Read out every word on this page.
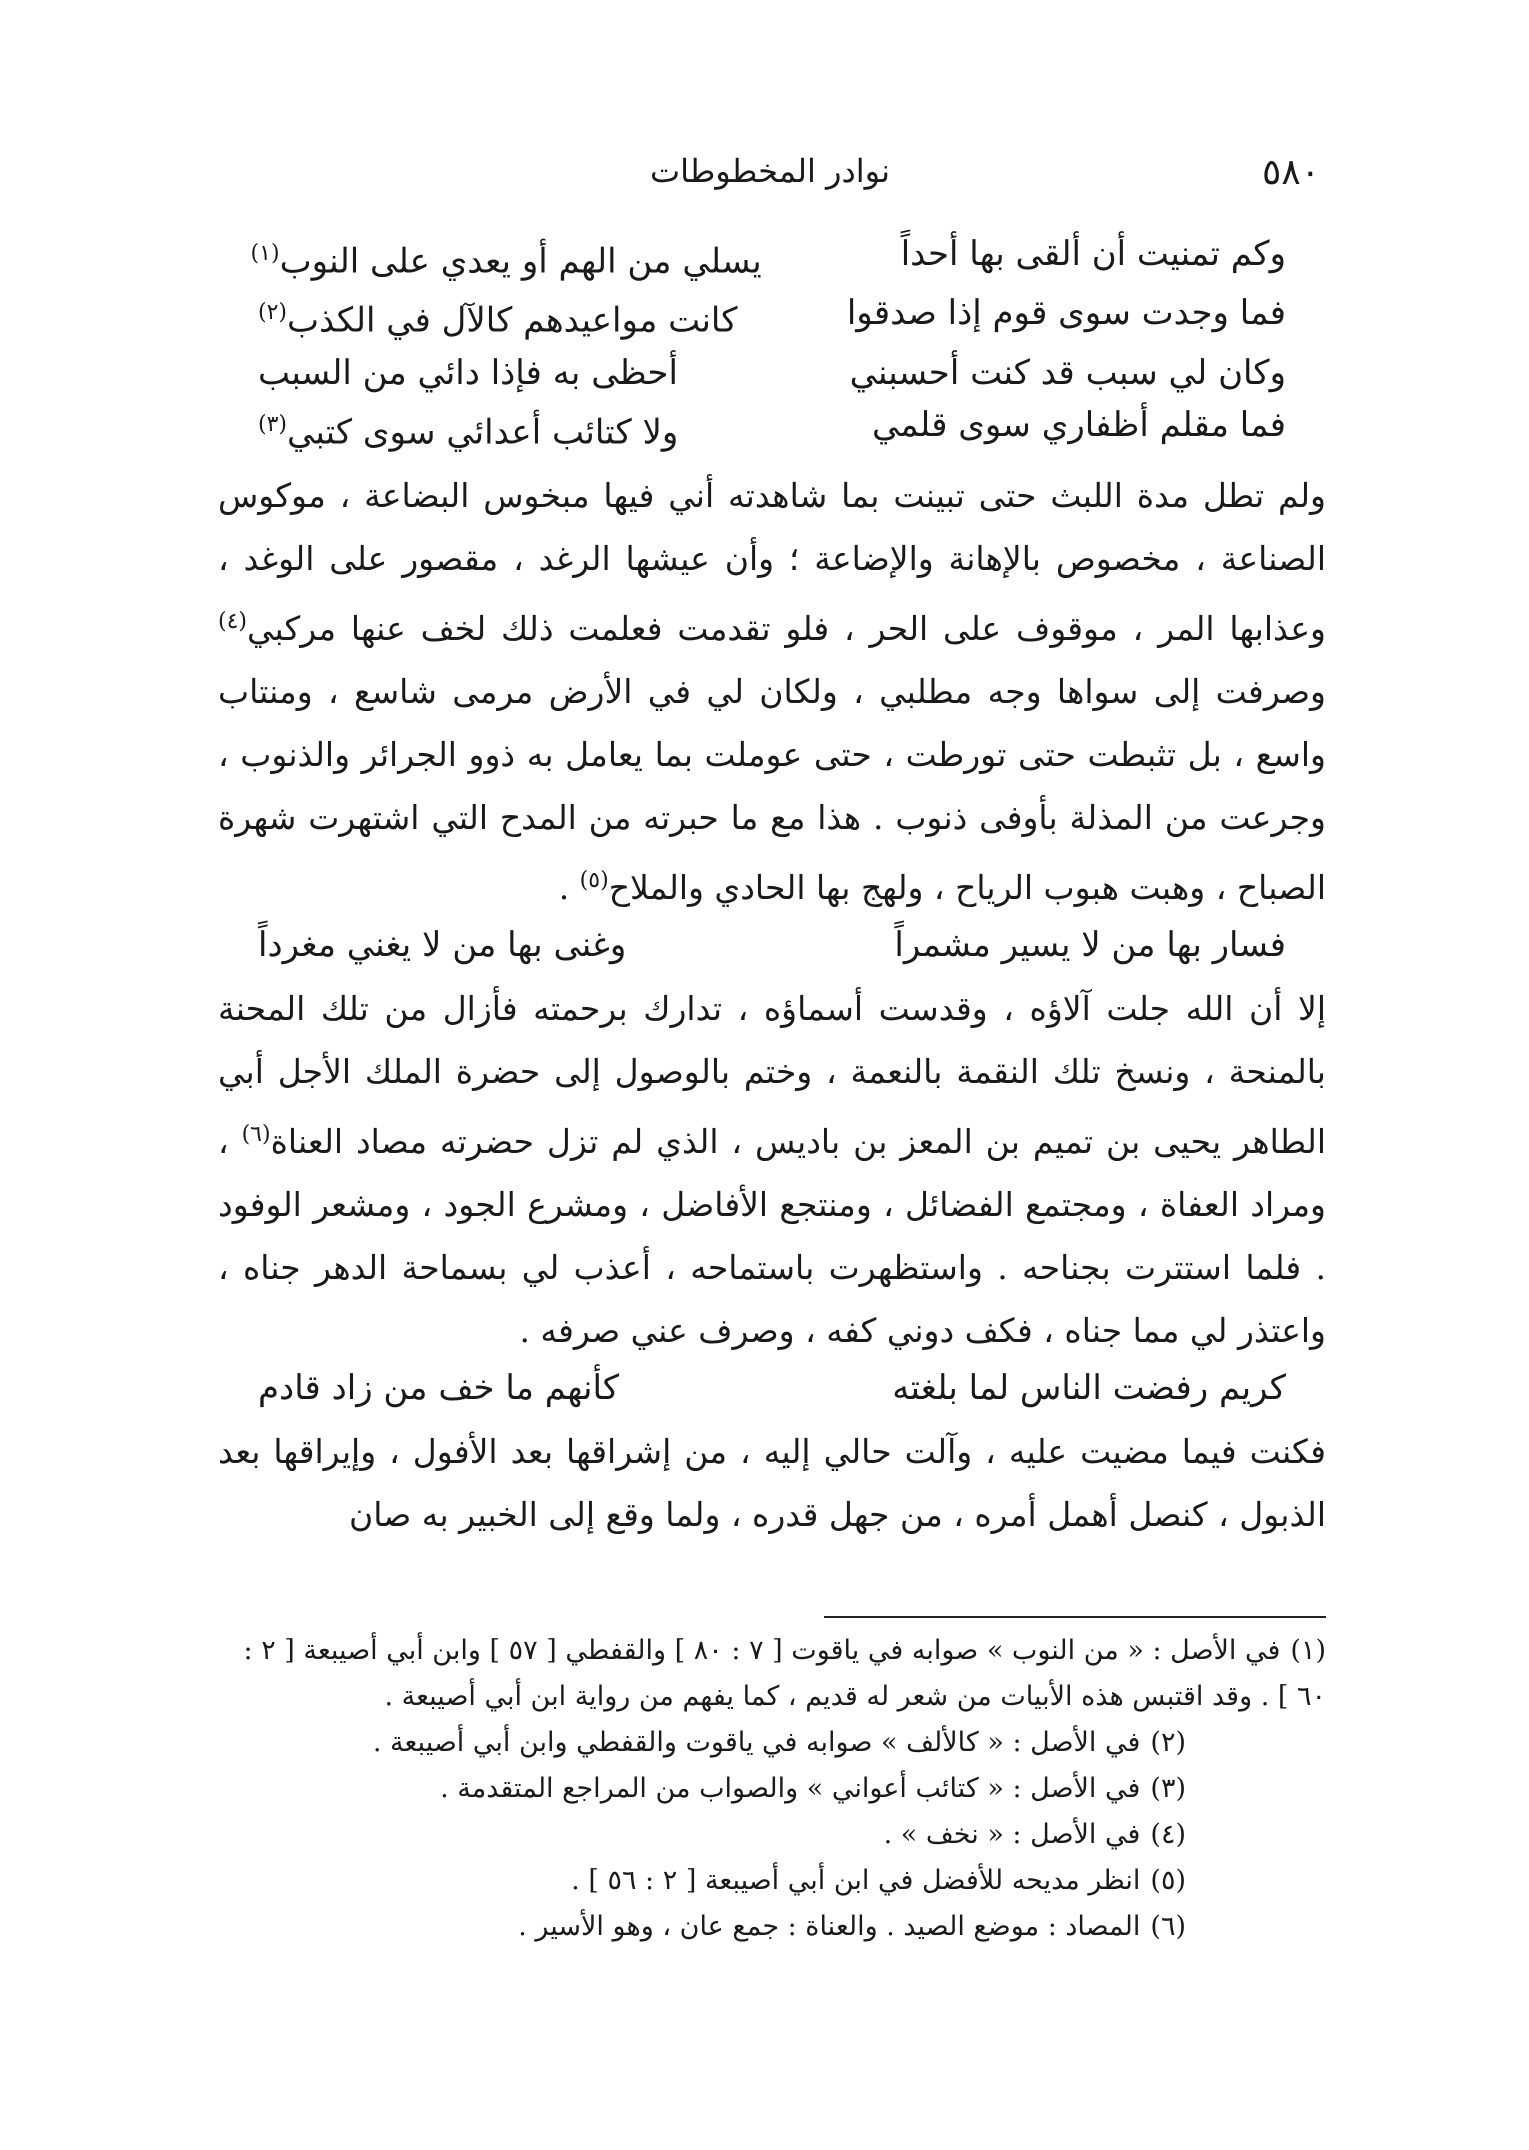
٥٨٠
نوادر المخطوطات
وكم تمنيت أن ألقى بها أحداً
يسلي من الهم أو يعدي على النوب$^{(١)}$
فما وجدت سوى قوم إذا صدقوا
كانت مواعيدهم كالآل في الكذب$^{(٢)}$
وكان لي سبب قد كنت أحسبني
أحظى به فإذا دائي من السبب
فما مقلم أظفاري سوى قلمي
ولا كتائب أعدائي سوى كتبي$^{(٣)}$

ولم تطل مدة اللبث حتى تبينت بما شاهدته أني فيها مبخوس البضاعة ، موكوس الصناعة ، مخصوص بالإهانة والإضاعة ؛ وأن عيشها الرغد ، مقصور على الوغد ، وعذابها المر ، موقوف على الحر ، فلو تقدمت فعلمت ذلك لخف عنها مركبي$^{(٤)}$ وصرفت إلى سواها وجه مطلبي ، ولكان لي في الأرض مرمى شاسع ، ومنتاب واسع ، بل تثبطت حتى تورطت ، حتى عوملت بما يعامل به ذوو الجرائر والذنوب ، وجرعت من المذلة بأوفى ذنوب . هذا مع ما حبرته من المدح التي اشتهرت شهرة الصباح ، وهبت هبوب الرياح ، ولهج بها الحادي والملاح$^{(٥)}$ .

فسار بها من لا يسير مشمراً
وغنى بها من لا يغني مغرداً

إلا أن الله جلت آلاؤه ، وقدست أسماؤه ، تدارك برحمته فأزال من تلك المحنة بالمنحة ، ونسخ تلك النقمة بالنعمة ، وختم بالوصول إلى حضرة الملك الأجل أبي الطاهر يحيى بن تميم بن المعز بن باديس ، الذي لم تزل حضرته مصاد العناة$^{(٦)}$ ، ومراد العفاة ، ومجتمع الفضائل ، ومنتجع الأفاضل ، ومشرع الجود ، ومشعر الوفود . فلما استترت بجناحه . واستظهرت باستماحه ، أعذب لي بسماحة الدهر جناه ، واعتذر لي مما جناه ، فكف دوني كفه ، وصرف عني صرفه .

كريم رفضت الناس لما بلغته
كأنهم ما خف من زاد قادم

فكنت فيما مضيت عليه ، وآلت حالي إليه ، من إشراقها بعد الأفول ، وإيراقها بعد الذبول ، كنصل أهمل أمره ، من جهل قدره ، ولما وقع إلى الخبير به صان

(١)في الأصل : « من النوب » صوابه في ياقوت [ ٧ : ٨٠ ] والقفطي [ ٥٧ ] وابن أبي أصيبعة [ ٢ : ٦٠ ] . وقد اقتبس هذه الأبيات من شعر له قديم ، كما يفهم من رواية ابن أبي أصيبعة .

(٢)في الأصل : « كالألف » صوابه في ياقوت والقفطي وابن أبي أصيبعة .

(٣)في الأصل : « كتائب أعواني » والصواب من المراجع المتقدمة .

(٤)في الأصل : « نخف » .

(٥)انظر مديحه للأفضل في ابن أبي أصيبعة [ ٢ : ٥٦ ] .

(٦)المصاد : موضع الصيد . والعناة : جمع عان ، وهو الأسير .
